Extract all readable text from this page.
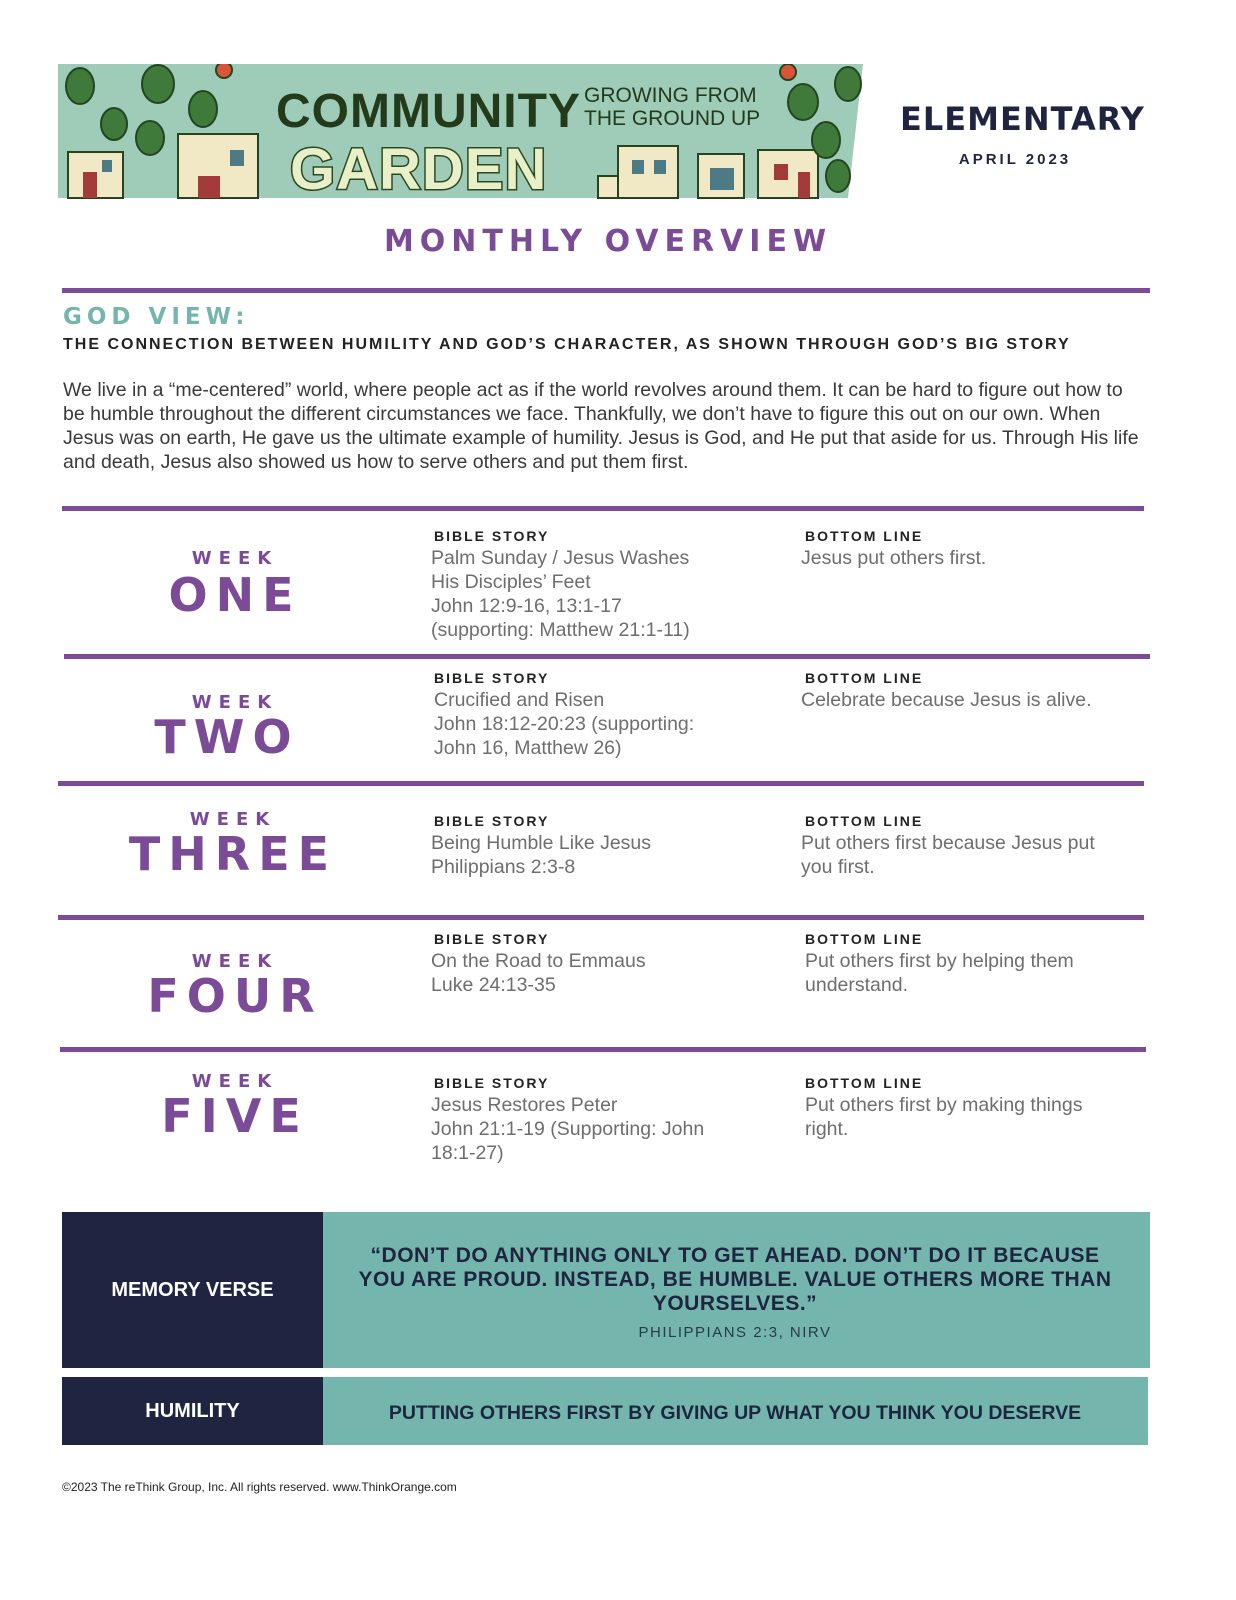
COMMUNITY
GARDEN
GROWING FROM
THE GROUND UP	ELEMENTARY
APRIL 2023
MONTHLY OVERVIEW
GOD VIEW:
THE CONNECTION BETWEEN HUMILITY AND GOD’S CHARACTER, AS SHOWN THROUGH GOD’S BIG STORY
We live in a “me-centered” world, where people act as if the world revolves around them. It can be hard to figure out how to be humble throughout the different circumstances we face. Thankfully, we don’t have to figure this out on our own. When Jesus was on earth, He gave us the ultimate example of humility. Jesus is God, and He put that aside for us. Through His life and death, Jesus also showed us how to serve others and put them first.
WEEK
ONE
BIBLE STORY
Palm Sunday / Jesus Washes
His Disciples’ Feet
John 12:9-16, 13:1-17
(supporting: Matthew 21:1-11)
BOTTOM LINE
Jesus put others first.
WEEK
TWO
BIBLE STORY
Crucified and Risen
John 18:12-20:23 (supporting:
John 16, Matthew 26)
BOTTOM LINE
Celebrate because Jesus is alive.
WEEK
THREE
BIBLE STORY
Being Humble Like Jesus
Philippians 2:3-8
BOTTOM LINE
Put others first because Jesus put
you first.
WEEK
FOUR
BIBLE STORY
On the Road to Emmaus
Luke 24:13-35
BOTTOM LINE
Put others first by helping them
understand.
WEEK
FIVE
BIBLE STORY
Jesus Restores Peter
John 21:1-19 (Supporting: John
18:1-27)
BOTTOM LINE
Put others first by making things
right.
MEMORY VERSE
“DON’T DO ANYTHING ONLY TO GET AHEAD. DON’T DO IT BECAUSE
YOU ARE PROUD. INSTEAD, BE HUMBLE. VALUE OTHERS MORE THAN
YOURSELVES.”
PHILIPPIANS 2:3, NIRV
HUMILITY	PUTTING OTHERS FIRST BY GIVING UP WHAT YOU THINK YOU DESERVE
©2023 The reThink Group, Inc. All rights reserved. www.ThinkOrange.com
